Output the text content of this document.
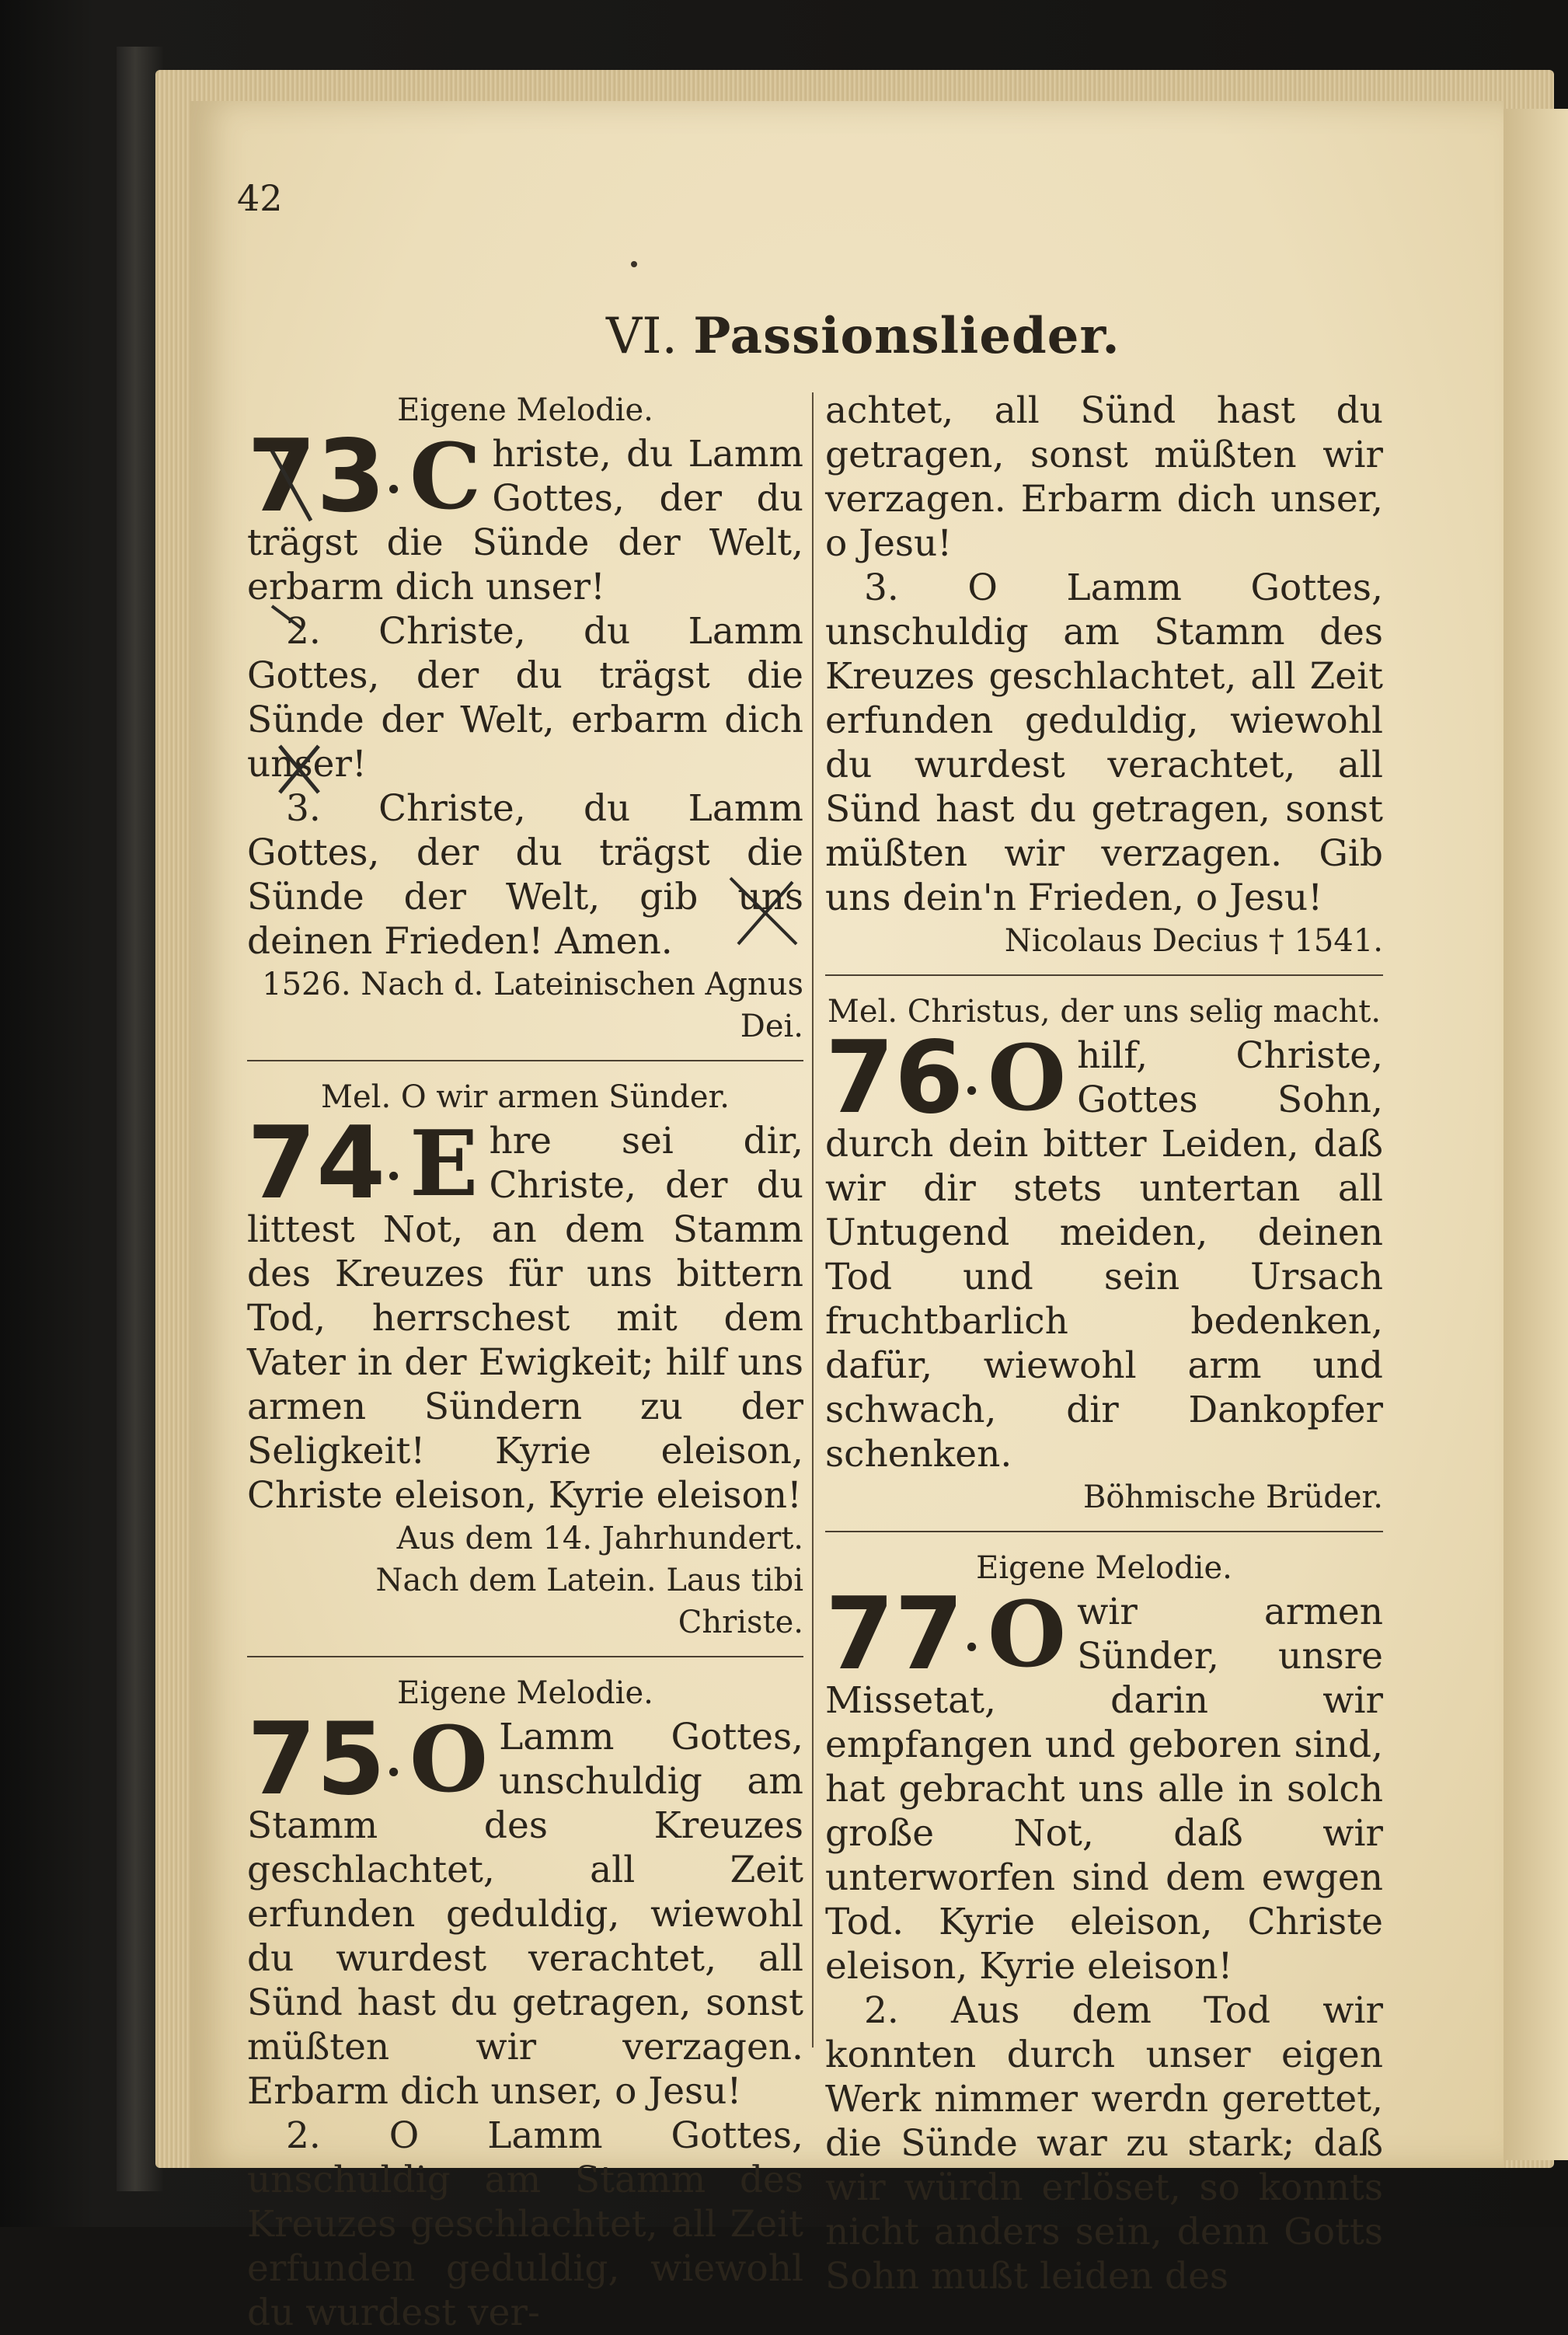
42
VI. Passionslieder.
Eigene Melodie.
73 . C hriste, du Lamm Gottes, der du trägst die Sünde der Welt, erbarm dich unser!
2. Christe, du Lamm Gottes, der du trägst die Sünde der Welt, erbarm dich unser!
3. Christe, du Lamm Gottes, der du trägst die Sünde der Welt, gib uns deinen Frieden! Amen.
1526. Nach d. Lateinischen Agnus Dei.
Mel. O wir armen Sünder.
74 . E hre sei dir, Christe, der du littest Not, an dem Stamm des Kreuzes für uns bittern Tod, herrschest mit dem Vater in der Ewigkeit; hilf uns armen Sündern zu der Seligkeit! Kyrie eleison, Christe eleison, Kyrie eleison!
Aus dem 14. Jahrhundert.
Nach dem Latein. Laus tibi Christe.
Eigene Melodie.
75 . O Lamm Gottes, unschuldig am Stamm des Kreuzes geschlachtet, all Zeit erfunden geduldig, wiewohl du wurdest verachtet, all Sünd hast du getragen, sonst müßten wir verzagen. Erbarm dich unser, o Jesu!
2. O Lamm Gottes, unschuldig am Stamm des Kreuzes geschlachtet, all Zeit erfunden geduldig, wiewohl du wurdest ver-
achtet, all Sünd hast du getragen, sonst müßten wir verzagen. Erbarm dich unser, o Jesu!
3. O Lamm Gottes, unschuldig am Stamm des Kreuzes geschlachtet, all Zeit erfunden geduldig, wiewohl du wurdest verachtet, all Sünd hast du getragen, sonst müßten wir verzagen. Gib uns dein'n Frieden, o Jesu!
Nicolaus Decius † 1541.
Mel. Christus, der uns selig macht.
76 . O hilf, Christe, Gottes Sohn, durch dein bitter Leiden, daß wir dir stets untertan all Untugend meiden, deinen Tod und sein Ursach fruchtbarlich bedenken, dafür, wiewohl arm und schwach, dir Dankopfer schenken.
Böhmische Brüder.
Eigene Melodie.
77 . O wir armen Sünder, unsre Missetat, darin wir empfangen und geboren sind, hat gebracht uns alle in solch große Not, daß wir unterworfen sind dem ewgen Tod. Kyrie eleison, Christe eleison, Kyrie eleison!
2. Aus dem Tod wir konnten durch unser eigen Werk nimmer werdn gerettet, die Sünde war zu stark; daß wir würdn erlöset, so konnts nicht anders sein, denn Gotts Sohn mußt leiden des
